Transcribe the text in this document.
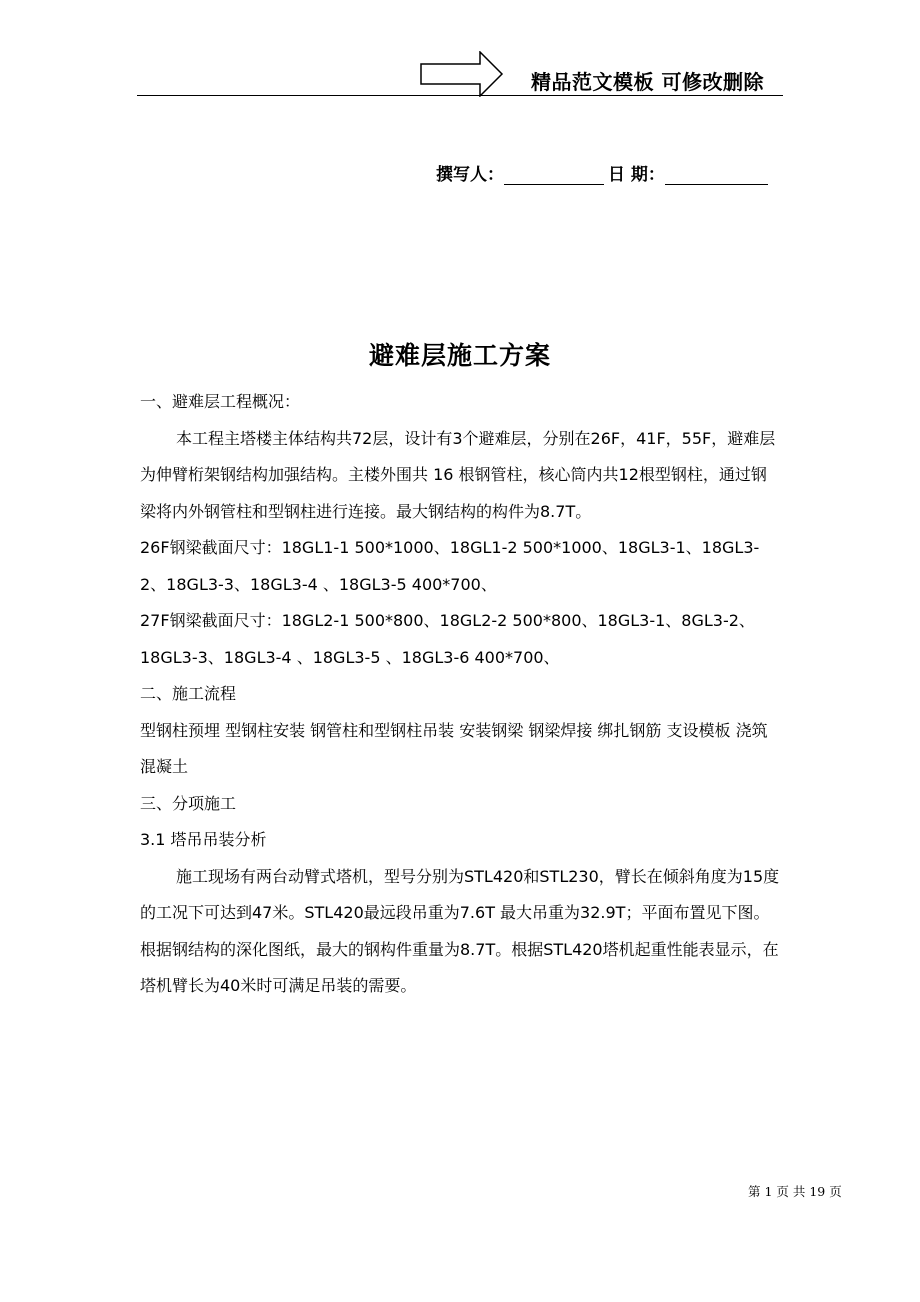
精品范文模板 可修改删除
撰写人：	日 期：
避难层施工方案

一、避难层工程概况：

本工程主塔楼主体结构共72层，设计有3个避难层，分别在26F，41F，55F，避难层为伸臂桁架钢结构加强结构。主楼外围共 16 根钢管柱，核心筒内共12根型钢柱，通过钢梁将内外钢管柱和型钢柱进行连接。最大钢结构的构件为8.7T。

26F钢梁截面尺寸：18GL1-1 500*1000、18GL1-2 500*1000、18GL3-1、18GL3-2、18GL3-3、18GL3-4 、18GL3-5 400*700、

27F钢梁截面尺寸：18GL2-1 500*800、18GL2-2 500*800、18GL3-1、8GL3-2、18GL3-3、18GL3-4 、18GL3-5 、18GL3-6 400*700、

二、施工流程

型钢柱预埋 型钢柱安装 钢管柱和型钢柱吊装 安装钢梁 钢梁焊接 绑扎钢筋 支设模板 浇筑混凝土

三、分项施工

3.1 塔吊吊装分析

施工现场有两台动臂式塔机，型号分别为STL420和STL230，臂长在倾斜角度为15度的工况下可达到47米。STL420最远段吊重为7.6T 最大吊重为32.9T；平面布置见下图。根据钢结构的深化图纸，最大的钢构件重量为8.7T。根据STL420塔机起重性能表显示，在塔机臂长为40米时可满足吊装的需要。

第 1 页 共 19 页
